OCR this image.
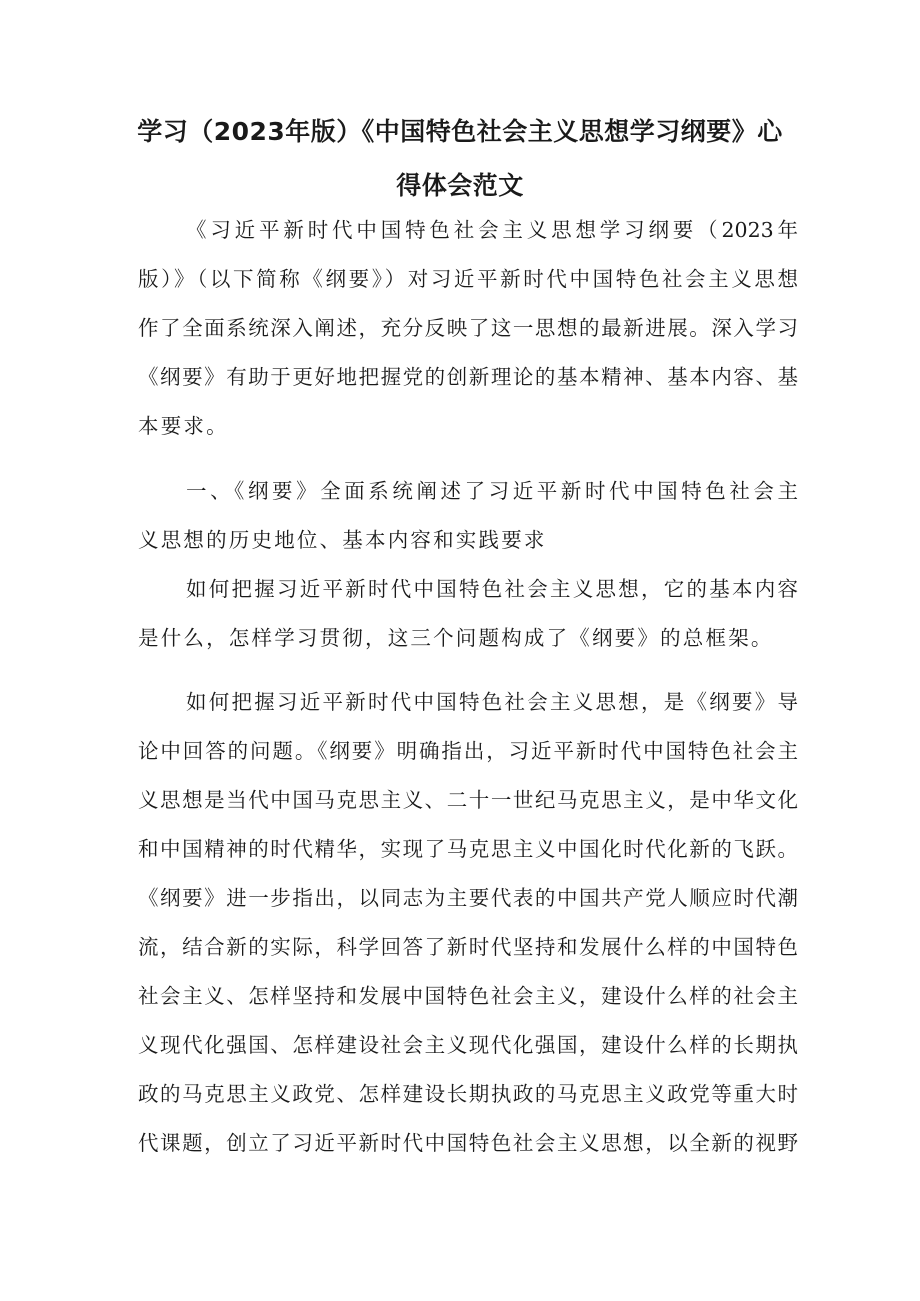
学习（2023年版）《中国特色社会主义思想学习纲要》心
得体会范文
《习近平新时代中国特色社会主义思想学习纲要（2023年
版）》（以下简称《纲要》）对习近平新时代中国特色社会主义思想
作了全面系统深入阐述，充分反映了这一思想的最新进展。深入学习
《纲要》有助于更好地把握党的创新理论的基本精神、基本内容、基
本要求。
一、《纲要》全面系统阐述了习近平新时代中国特色社会主
义思想的历史地位、基本内容和实践要求
如何把握习近平新时代中国特色社会主义思想，它的基本内容
是什么，怎样学习贯彻，这三个问题构成了《纲要》的总框架。
如何把握习近平新时代中国特色社会主义思想，是《纲要》导
论中回答的问题。《纲要》明确指出，习近平新时代中国特色社会主
义思想是当代中国马克思主义、二十一世纪马克思主义，是中华文化
和中国精神的时代精华，实现了马克思主义中国化时代化新的飞跃。
《纲要》进一步指出，以同志为主要代表的中国共产党人顺应时代潮
流，结合新的实际，科学回答了新时代坚持和发展什么样的中国特色
社会主义、怎样坚持和发展中国特色社会主义，建设什么样的社会主
义现代化强国、怎样建设社会主义现代化强国，建设什么样的长期执
政的马克思主义政党、怎样建设长期执政的马克思主义政党等重大时
代课题，创立了习近平新时代中国特色社会主义思想，以全新的视野
